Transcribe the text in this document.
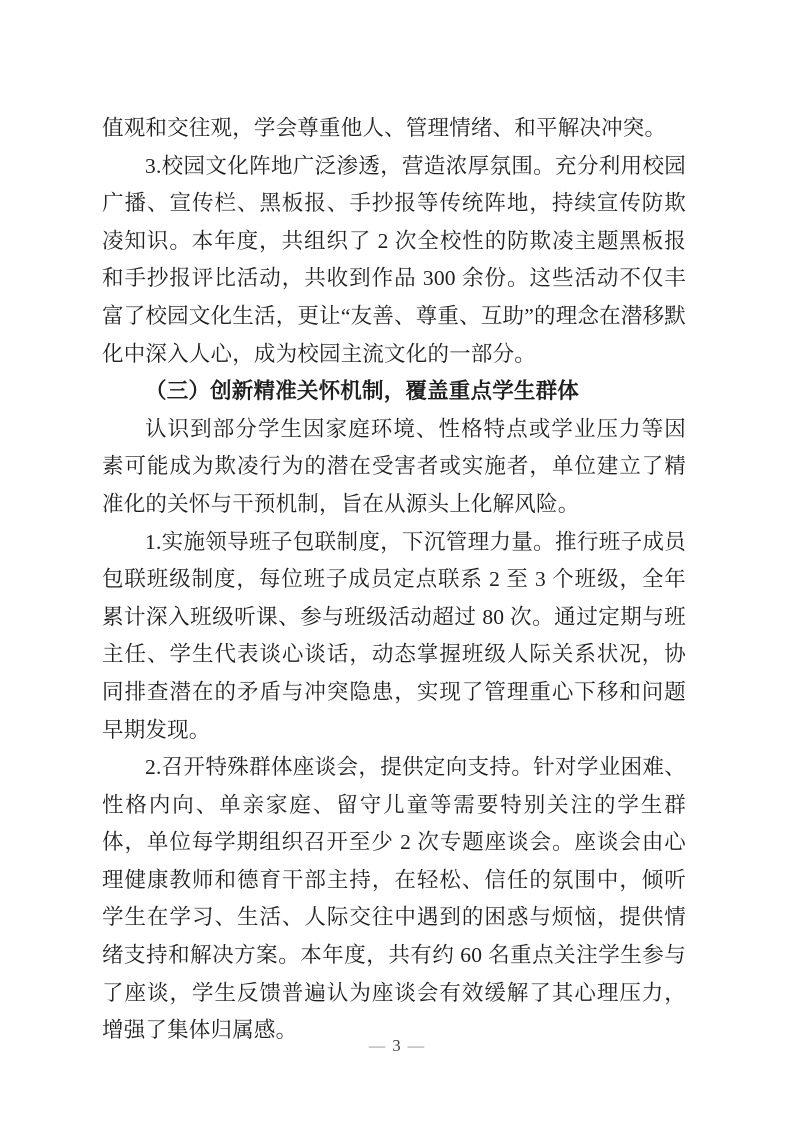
值观和交往观，学会尊重他人、管理情绪、和平解决冲突。

3.校园文化阵地广泛渗透，营造浓厚氛围。充分利用校园广播、宣传栏、黑板报、手抄报等传统阵地，持续宣传防欺凌知识。本年度，共组织了 2 次全校性的防欺凌主题黑板报和手抄报评比活动，共收到作品 300 余份。这些活动不仅丰富了校园文化生活，更让“友善、尊重、互助”的理念在潜移默化中深入人心，成为校园主流文化的一部分。

（三）创新精准关怀机制，覆盖重点学生群体

认识到部分学生因家庭环境、性格特点或学业压力等因素可能成为欺凌行为的潜在受害者或实施者，单位建立了精准化的关怀与干预机制，旨在从源头上化解风险。

1.实施领导班子包联制度，下沉管理力量。推行班子成员包联班级制度，每位班子成员定点联系 2 至 3 个班级，全年累计深入班级听课、参与班级活动超过 80 次。通过定期与班主任、学生代表谈心谈话，动态掌握班级人际关系状况，协同排查潜在的矛盾与冲突隐患，实现了管理重心下移和问题早期发现。

2.召开特殊群体座谈会，提供定向支持。针对学业困难、性格内向、单亲家庭、留守儿童等需要特别关注的学生群体，单位每学期组织召开至少 2 次专题座谈会。座谈会由心理健康教师和德育干部主持，在轻松、信任的氛围中，倾听学生在学习、生活、人际交往中遇到的困惑与烦恼，提供情绪支持和解决方案。本年度，共有约 60 名重点关注学生参与了座谈，学生反馈普遍认为座谈会有效缓解了其心理压力，增强了集体归属感。

— 3 —
